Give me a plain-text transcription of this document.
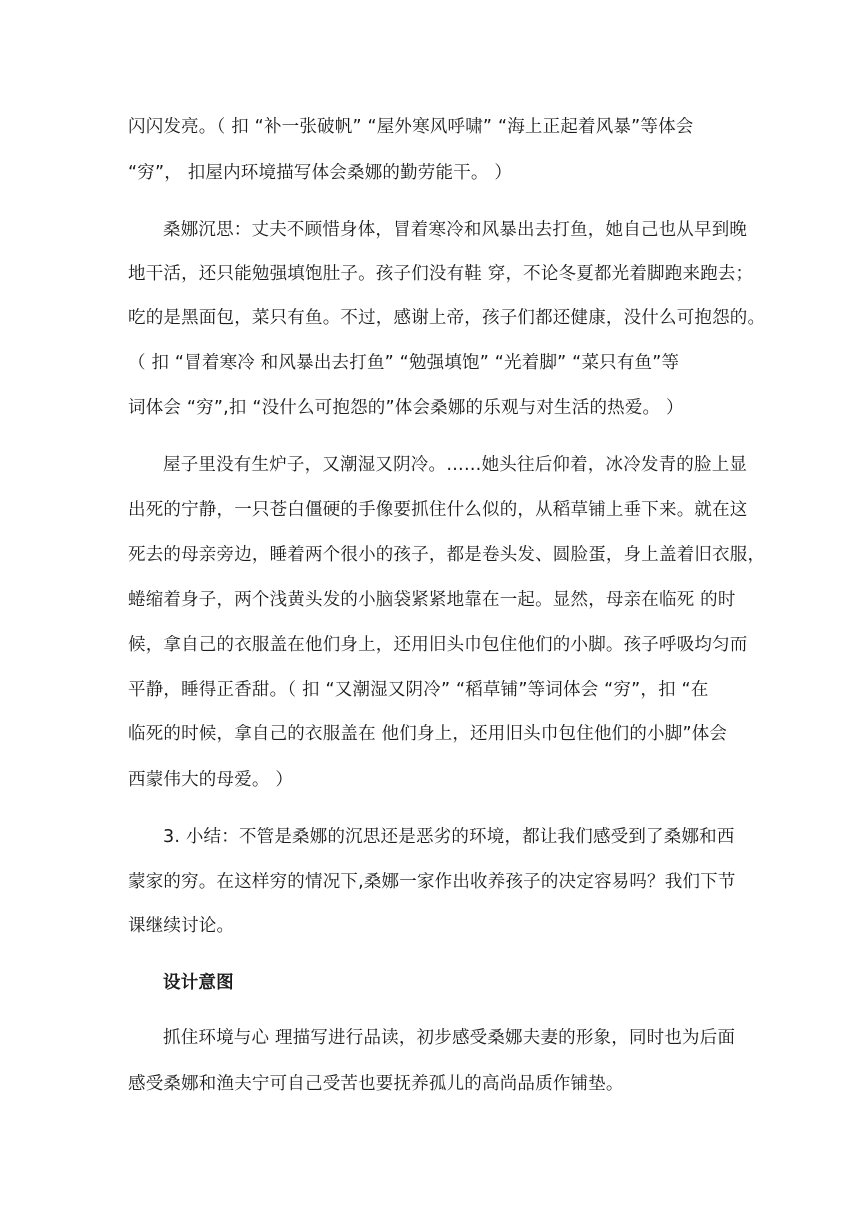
闪闪发亮。（ 扣 “补一张破帆” “屋外寒风呼啸” “海上正起着风暴”等体会
“穷”， 扣屋内环境描写体会桑娜的勤劳能干。 ）
桑娜沉思：丈夫不顾惜身体，冒着寒冷和风暴出去打鱼，她自己也从早到晚
地干活，还只能勉强填饱肚子。孩子们没有鞋 穿，不论冬夏都光着脚跑来跑去；
吃的是黑面包，菜只有鱼。不过，感谢上帝，孩子们都还健康，没什么可抱怨的。
（ 扣 “冒着寒冷 和风暴出去打鱼” “勉强填饱” “光着脚” “菜只有鱼”等
词体会 “穷”,扣 “没什么可抱怨的”体会桑娜的乐观与对生活的热爱。 ）
屋子里没有生炉子，又潮湿又阴冷。……她头往后仰着，冰冷发青的脸上显
出死的宁静，一只苍白僵硬的手像要抓住什么似的，从稻草铺上垂下来。就在这
死去的母亲旁边，睡着两个很小的孩子，都是卷头发、圆脸蛋，身上盖着旧衣服，
蜷缩着身子，两个浅黄头发的小脑袋紧紧地靠在一起。显然，母亲在临死 的时
候，拿自己的衣服盖在他们身上，还用旧头巾包住他们的小脚。孩子呼吸均匀而
平静，睡得正香甜。（ 扣 “又潮湿又阴冷” “稻草铺”等词体会 “穷”，扣 “在
临死的时候，拿自己的衣服盖在 他们身上，还用旧头巾包住他们的小脚”体会
西蒙伟大的母爱。 ）
3. 小结：不管是桑娜的沉思还是恶劣的环境，都让我们感受到了桑娜和西
蒙家的穷。在这样穷的情况下,桑娜一家作出收养孩子的决定容易吗？我们下节
课继续讨论。
设计意图
抓住环境与心 理描写进行品读，初步感受桑娜夫妻的形象，同时也为后面
感受桑娜和渔夫宁可自己受苦也要抚养孤儿的高尚品质作铺垫。
